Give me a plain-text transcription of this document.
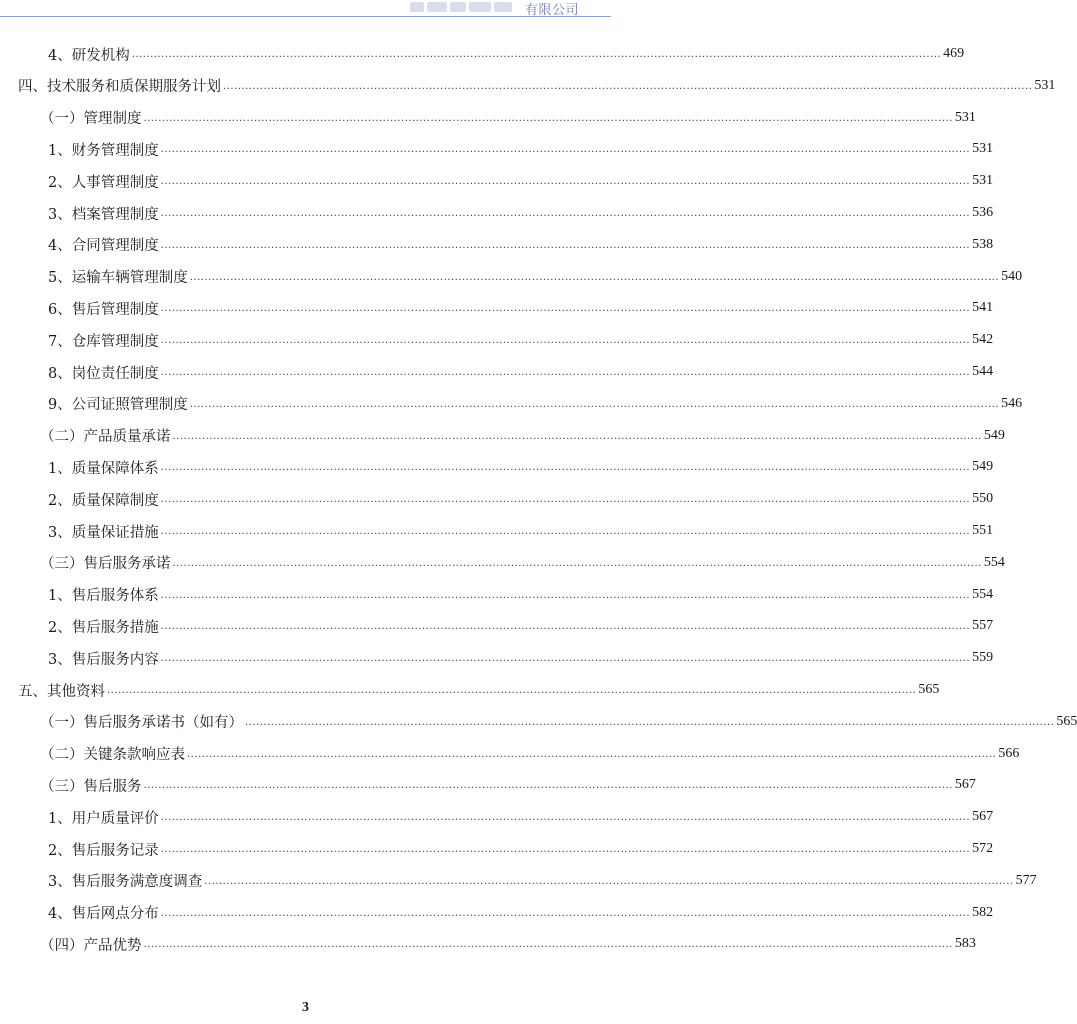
有限公司
4、研发机构 ............................................................................................................................................................................................................................ 469
四、技术服务和质保期服务计划 ............................................................................................................................................................................................................................ 531
（一）管理制度 ............................................................................................................................................................................................................................ 531
1、财务管理制度 ............................................................................................................................................................................................................................ 531
2、人事管理制度 ............................................................................................................................................................................................................................ 531
3、档案管理制度 ............................................................................................................................................................................................................................ 536
4、合同管理制度 ............................................................................................................................................................................................................................ 538
5、运输车辆管理制度 ............................................................................................................................................................................................................................ 540
6、售后管理制度 ............................................................................................................................................................................................................................ 541
7、仓库管理制度 ............................................................................................................................................................................................................................ 542
8、岗位责任制度 ............................................................................................................................................................................................................................ 544
9、公司证照管理制度 ............................................................................................................................................................................................................................ 546
（二）产品质量承诺 ............................................................................................................................................................................................................................ 549
1、质量保障体系 ............................................................................................................................................................................................................................ 549
2、质量保障制度 ............................................................................................................................................................................................................................ 550
3、质量保证措施 ............................................................................................................................................................................................................................ 551
（三）售后服务承诺 ............................................................................................................................................................................................................................ 554
1、售后服务体系 ............................................................................................................................................................................................................................ 554
2、售后服务措施 ............................................................................................................................................................................................................................ 557
3、售后服务内容 ............................................................................................................................................................................................................................ 559
五、其他资料 ............................................................................................................................................................................................................................ 565
（一）售后服务承诺书（如有） ............................................................................................................................................................................................................................ 565
（二）关键条款响应表 ............................................................................................................................................................................................................................ 566
（三）售后服务 ............................................................................................................................................................................................................................ 567
1、用户质量评价 ............................................................................................................................................................................................................................ 567
2、售后服务记录 ............................................................................................................................................................................................................................ 572
3、售后服务满意度调查 ............................................................................................................................................................................................................................ 577
4、售后网点分布 ............................................................................................................................................................................................................................ 582
（四）产品优势 ............................................................................................................................................................................................................................ 583
3
